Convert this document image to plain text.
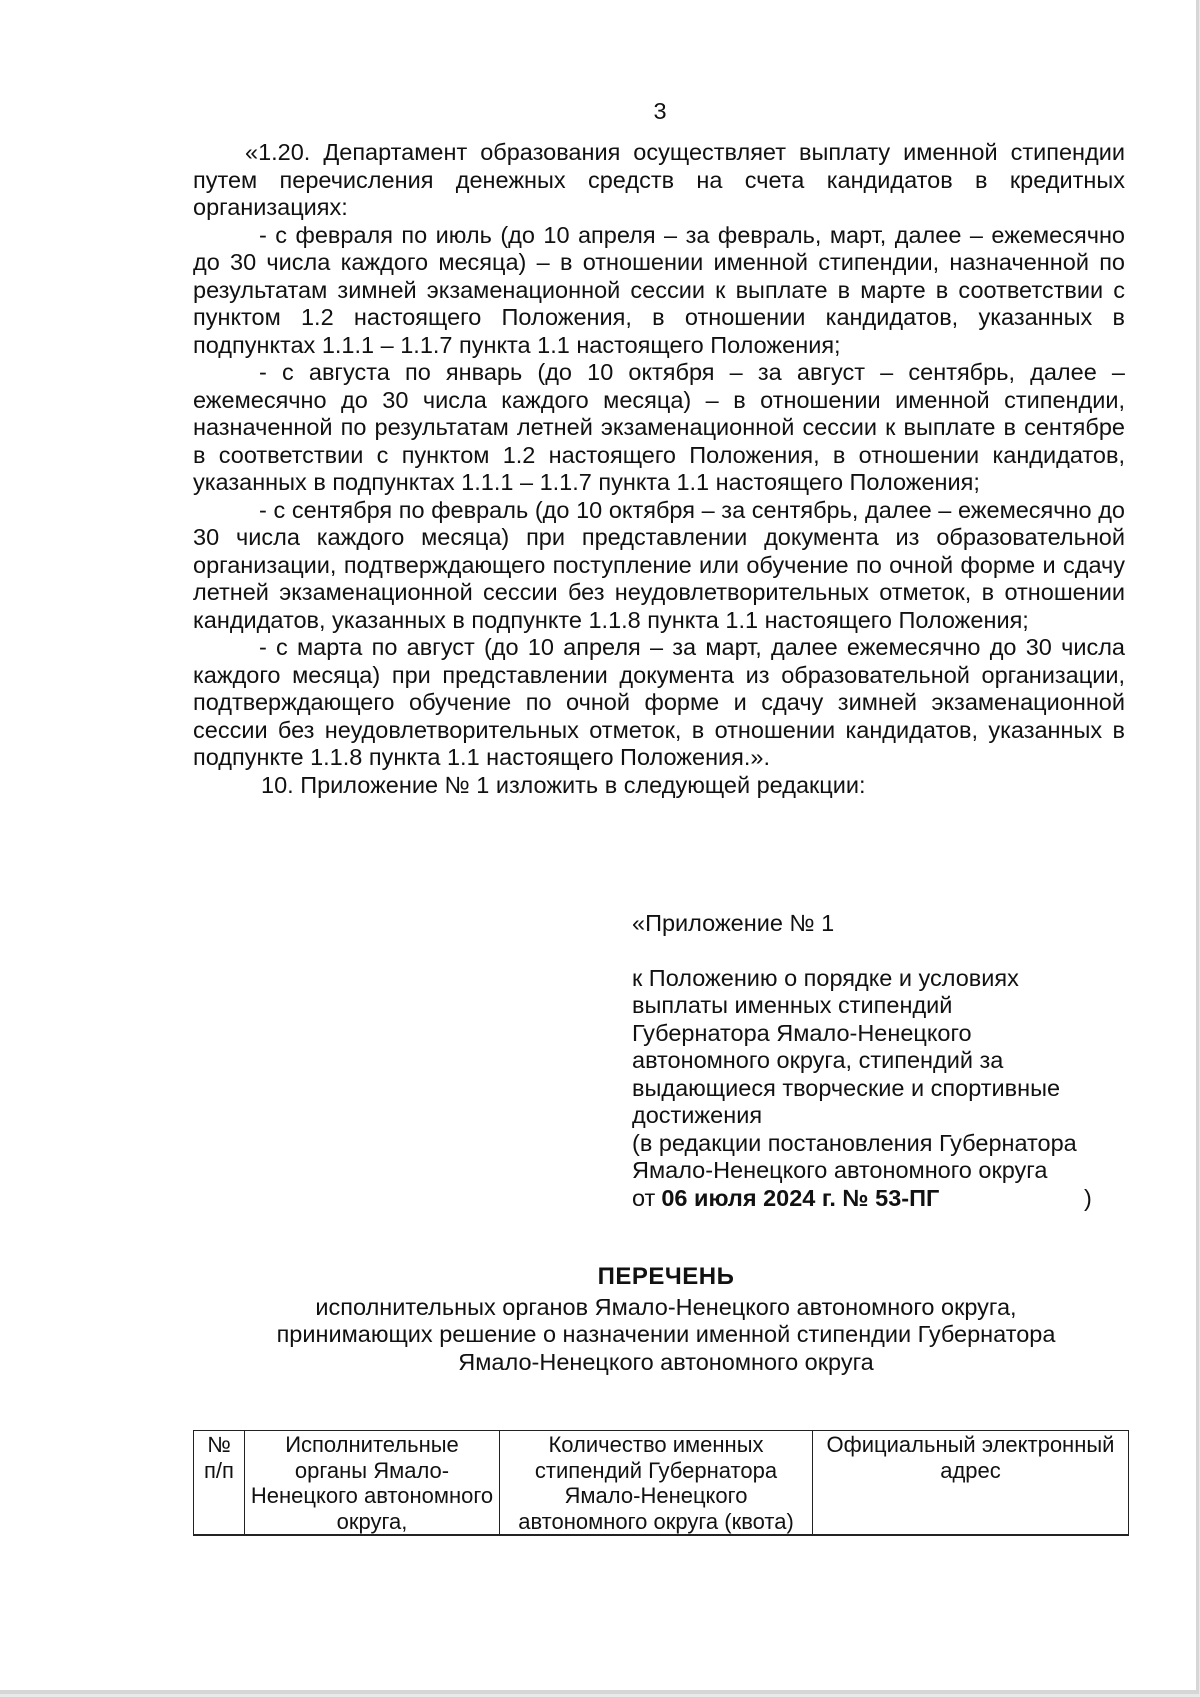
3

«1.20. Департамент образования осуществляет выплату именной стипендии путем перечисления денежных средств на счета кандидатов в кредитных организациях:

- с февраля по июль (до 10 апреля – за февраль, март, далее – ежемесячно до 30 числа каждого месяца) – в отношении именной стипендии, назначенной по результатам зимней экзаменационной сессии к выплате в марте в соответствии с пунктом 1.2 настоящего Положения, в отношении кандидатов, указанных в подпунктах 1.1.1 – 1.1.7 пункта 1.1 настоящего Положения;

- с августа по январь (до 10 октября – за август – сентябрь, далее – ежемесячно до 30 числа каждого месяца) – в отношении именной стипендии, назначенной по результатам летней экзаменационной сессии к выплате в сентябре в соответствии с пунктом 1.2 настоящего Положения, в отношении кандидатов, указанных в подпунктах 1.1.1 – 1.1.7 пункта 1.1 настоящего Положения;

- с сентября по февраль (до 10 октября – за сентябрь, далее – ежемесячно до 30 числа каждого месяца) при представлении документа из образовательной организации, подтверждающего поступление или обучение по очной форме и сдачу летней экзаменационной сессии без неудовлетворительных отметок, в отношении кандидатов, указанных в подпункте 1.1.8 пункта 1.1 настоящего Положения;

- с марта по август (до 10 апреля – за март, далее ежемесячно до 30 числа каждого месяца) при представлении документа из образовательной организации, подтверждающего обучение по очной форме и сдачу зимней экзаменационной сессии без неудовлетворительных отметок, в отношении кандидатов, указанных в подпункте 1.1.8 пункта 1.1 настоящего Положения.».

10. Приложение № 1 изложить в следующей редакции:

«Приложение № 1
к Положению о порядке и условиях
выплаты именных стипендий
Губернатора Ямало-Ненецкого
автономного округа, стипендий за
выдающиеся творческие и спортивные
достижения
(в редакции постановления Губернатора
Ямало-Ненецкого автономного округа
от 06 июля 2024 г. № 53-ПГ	)
ПЕРЕЧЕНЬ
исполнительных органов Ямало-Ненецкого автономного округа,
принимающих решение о назначении именной стипендии Губернатора
Ямало-Ненецкого автономного округа
№ п/п	Исполнительные органы Ямало-Ненецкого автономного округа,	Количество именных стипендий Губернатора Ямало-Ненецкого автономного округа (квота)	Официальный электронный адрес
